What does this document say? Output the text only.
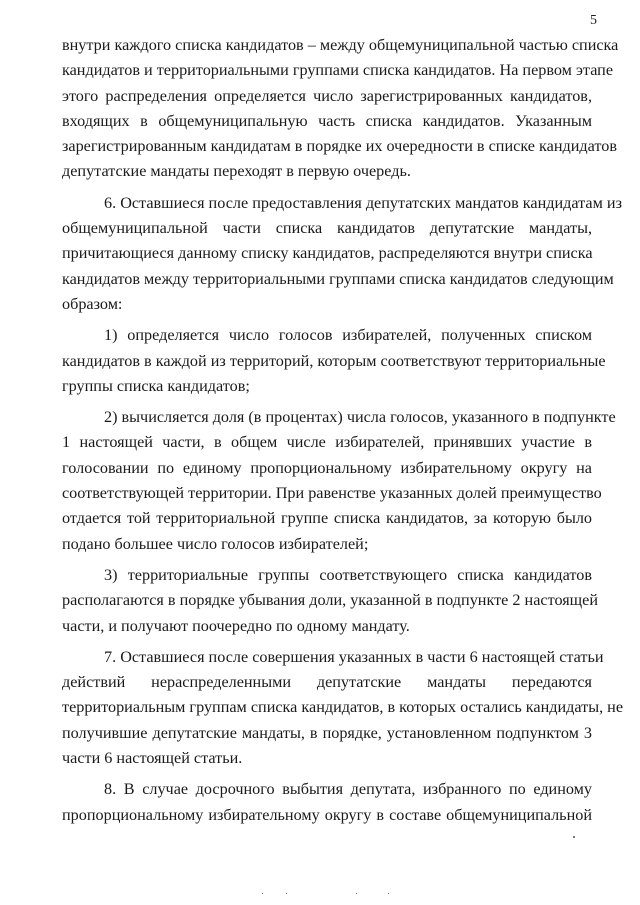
5

внутри каждого списка кандидатов – между общемуниципальной частью списка
кандидатов и территориальными группами списка кандидатов. На первом этапе
этого распределения определяется число зарегистрированных кандидатов,
входящих в общемуниципальную часть списка кандидатов. Указанным
зарегистрированным кандидатам в порядке их очередности в списке кандидатов
депутатские мандаты переходят в первую очередь.

6. Оставшиеся после предоставления депутатских мандатов кандидатам из
общемуниципальной части списка кандидатов депутатские мандаты,
причитающиеся данному списку кандидатов, распределяются внутри списка
кандидатов между территориальными группами списка кандидатов следующим
образом:

1) определяется число голосов избирателей, полученных списком
кандидатов в каждой из территорий, которым соответствуют территориальные
группы списка кандидатов;

2) вычисляется доля (в процентах) числа голосов, указанного в подпункте
1 настоящей части, в общем числе избирателей, принявших участие в
голосовании по единому пропорциональному избирательному округу на
соответствующей территории. При равенстве указанных долей преимущество
отдается той территориальной группе списка кандидатов, за которую было
подано большее число голосов избирателей;

3) территориальные группы соответствующего списка кандидатов
располагаются в порядке убывания доли, указанной в подпункте 2 настоящей
части, и получают поочередно по одному мандату.

7. Оставшиеся после совершения указанных в части 6 настоящей статьи
действий нераспределенными депутатские мандаты передаются
территориальным группам списка кандидатов, в которых остались кандидаты, не
получившие депутатские мандаты, в порядке, установленном подпунктом 3
части 6 настоящей статьи.

8. В случае досрочного выбытия депутата, избранного по единому
пропорциональному избирательному округу в составе общемуниципальной
